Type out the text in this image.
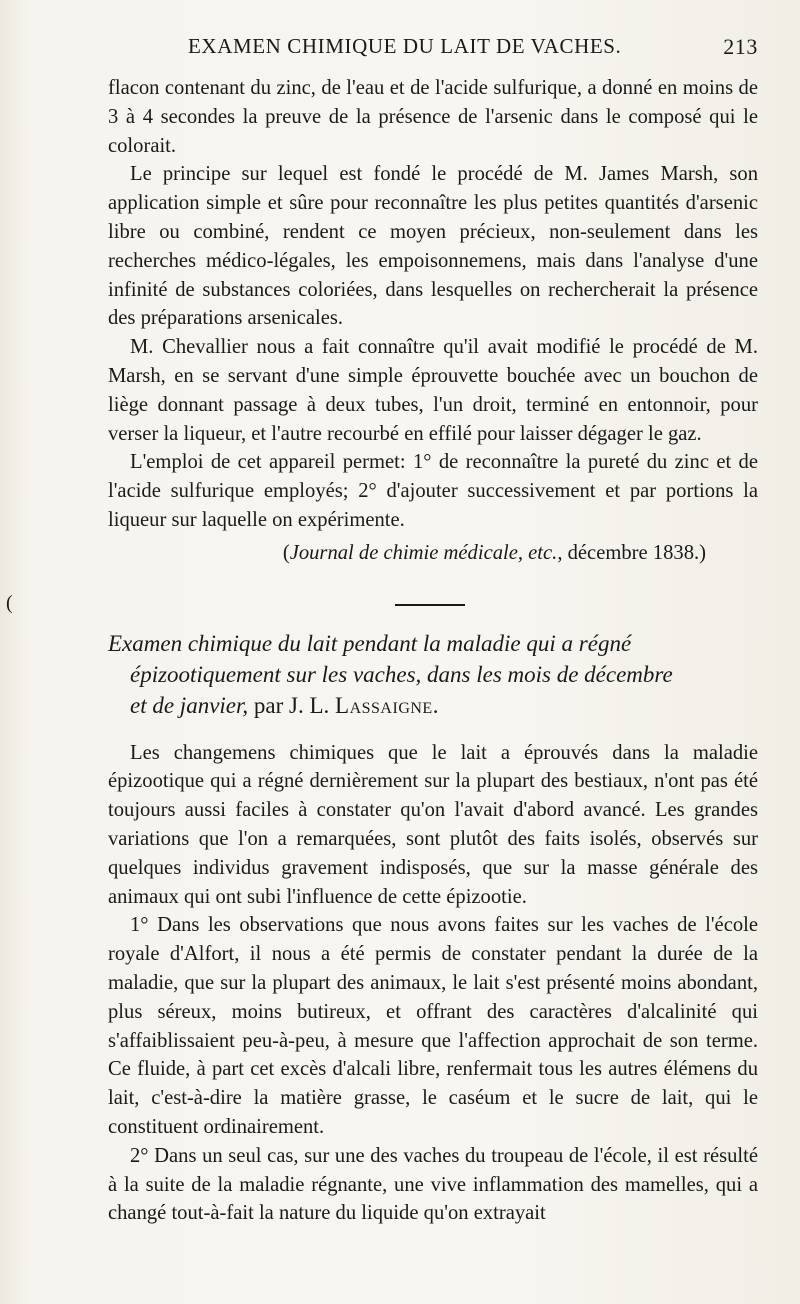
(
EXAMEN CHIMIQUE DU LAIT DE VACHES.	213

flacon contenant du zinc, de l'eau et de l'acide sulfurique, a donné en moins de 3 à 4 secondes la preuve de la présence de l'arsenic dans le composé qui le colorait.

Le principe sur lequel est fondé le procédé de M. James Marsh, son application simple et sûre pour reconnaître les plus petites quantités d'arsenic libre ou combiné, rendent ce moyen précieux, non-seulement dans les recherches médico-légales, les empoisonnemens, mais dans l'analyse d'une infinité de substances coloriées, dans lesquelles on rechercherait la présence des préparations arsenicales.

M. Chevallier nous a fait connaître qu'il avait modifié le procédé de M. Marsh, en se servant d'une simple éprouvette bouchée avec un bouchon de liège donnant passage à deux tubes, l'un droit, terminé en entonnoir, pour verser la liqueur, et l'autre recourbé en effilé pour laisser dégager le gaz.

L'emploi de cet appareil permet: 1° de reconnaître la pureté du zinc et de l'acide sulfurique employés; 2° d'ajouter successivement et par portions la liqueur sur laquelle on expérimente.

(Journal de chimie médicale, etc., décembre 1838.)
Examen chimique du lait pendant la maladie qui a régné
épizootiquement sur les vaches, dans les mois de décembre
et de janvier, par J. L. Lassaigne.

Les changemens chimiques que le lait a éprouvés dans la maladie épizootique qui a régné dernièrement sur la plupart des bestiaux, n'ont pas été toujours aussi faciles à constater qu'on l'avait d'abord avancé. Les grandes variations que l'on a remarquées, sont plutôt des faits isolés, observés sur quelques individus gravement indisposés, que sur la masse générale des animaux qui ont subi l'influence de cette épizootie.

1° Dans les observations que nous avons faites sur les vaches de l'école royale d'Alfort, il nous a été permis de constater pendant la durée de la maladie, que sur la plupart des animaux, le lait s'est présenté moins abondant, plus séreux, moins butireux, et offrant des caractères d'alcalinité qui s'affaiblissaient peu-à-peu, à mesure que l'affection approchait de son terme. Ce fluide, à part cet excès d'alcali libre, renfermait tous les autres élémens du lait, c'est-à-dire la matière grasse, le caséum et le sucre de lait, qui le constituent ordinairement.

2° Dans un seul cas, sur une des vaches du troupeau de l'école, il est résulté à la suite de la maladie régnante, une vive inflammation des mamelles, qui a changé tout-à-fait la nature du liquide qu'on extrayait
